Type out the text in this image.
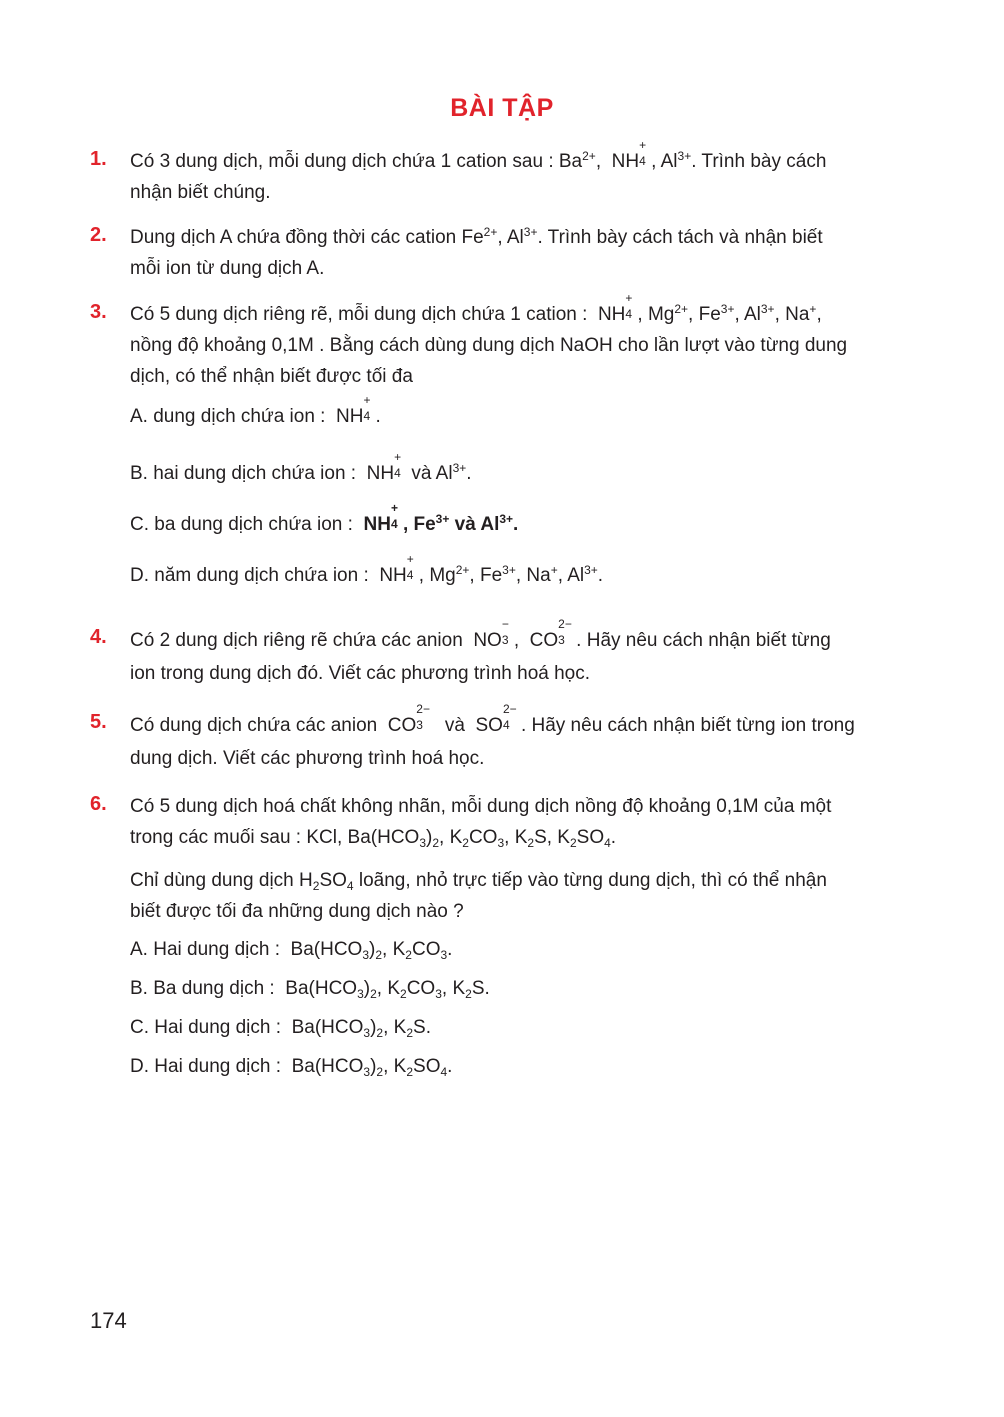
BÀI TẬP
1. Có 3 dung dịch, mỗi dung dịch chứa 1 cation sau : $Ba^{2+}$, NH
+
4 , $Al^{3+}$. Trình bày cách
nhận biết chúng.
2. Dung dịch A chứa đồng thời các cation $Fe^{2+}$, $Al^{3+}$. Trình bày cách tách và nhận biết
mỗi ion từ dung dịch A.
3. Có 5 dung dịch riêng rẽ, mỗi dung dịch chứa 1 cation : NH
+
4 , $Mg^{2+}$, $Fe^{3+}$, $Al^{3+}$, Na+,
nồng độ khoảng 0,1M . Bằng cách dùng dung dịch NaOH cho lần lượt vào từng dung
dịch, có thể nhận biết được tối đa
A. dung dịch chứa ion : NH
+
4 .
B. hai dung dịch chứa ion : NH
+
4 và $Al^{3+}$.
C. ba dung dịch chứa ion : NH
+
4 , $Fe^{3+}$ và $Al^{3+}$.
D. năm dung dịch chứa ion : NH
+
4 , $Mg^{2+}$, $Fe^{3+}$, Na+, $Al^{3+}$.
4. Có 2 dung dịch riêng rẽ chứa các anion NO
−
3 , CO
2−
3 . Hãy nêu cách nhận biết từng
ion trong dung dịch đó. Viết các phương trình hoá học.
5. Có dung dịch chứa các anion CO
2−
3 và SO
2−
4 . Hãy nêu cách nhận biết từng ion trong
dung dịch. Viết các phương trình hoá học.
6. Có 5 dung dịch hoá chất không nhãn, mỗi dung dịch nồng độ khoảng 0,1M của một
trong các muối sau : KCl, $Ba(HCO_3)_2$, $K_2CO_3$, $K_2S$, $K_2SO_4$.
Chỉ dùng dung dịch $H_2SO_4$ loãng, nhỏ trực tiếp vào từng dung dịch, thì có thể nhận
biết được tối đa những dung dịch nào ?
A. Hai dung dịch : $Ba(HCO_3)_2$, $K_2CO_3$.
B. Ba dung dịch : $Ba(HCO_3)_2$, $K_2CO_3$, $K_2S$.
C. Hai dung dịch : $Ba(HCO_3)_2$, $K_2S$.
D. Hai dung dịch : $Ba(HCO_3)_2$, $K_2SO_4$.
174
